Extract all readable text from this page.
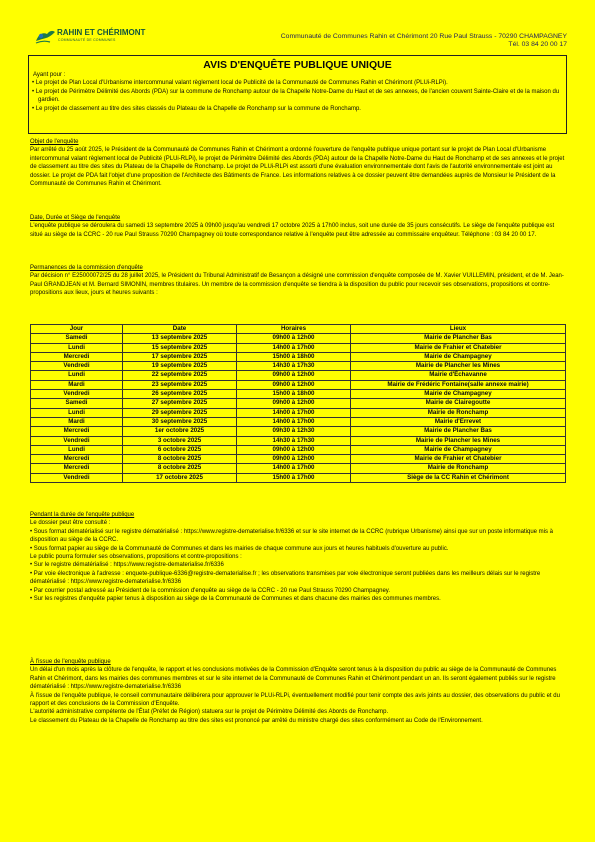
RAHIN ET CHÉRIMONT
COMMUNAUTÉ DE COMMUNES	Communauté de Communes Rahin et Chérimont 20 Rue Paul Strauss - 70290 CHAMPAGNEY
Tél. 03 84 20 00 17
AVIS D'ENQUÊTE PUBLIQUE UNIQUE
Ayant pour :
• Le projet de Plan Local d'Urbanisme intercommunal valant règlement local de Publicité de la Communauté de Communes Rahin et Chérimont (PLUi-RLPi).
• Le projet de Périmètre Délimité des Abords (PDA) sur la commune de Ronchamp autour de la Chapelle Notre-Dame du Haut et de ses annexes, de l'ancien couvent Sainte-Claire et de la maison du gardien.
• Le projet de classement au titre des sites classés du Plateau de la Chapelle de Ronchamp sur la commune de Ronchamp.
Objet de l'enquête

Par arrêté du 25 août 2025, le Président de la Communauté de Communes Rahin et Chérimont a ordonné l'ouverture de l'enquête publique unique portant sur le projet de Plan Local d'Urbanisme intercommunal valant règlement local de Publicité (PLUi-RLPi), le projet de Périmètre Délimité des Abords (PDA) autour de la Chapelle Notre-Dame du Haut de Ronchamp et de ses annexes et le projet de classement au titre des sites du Plateau de la Chapelle de Ronchamp. Le projet de PLUi-RLPi est assorti d'une évaluation environnementale dont l'avis de l'autorité environnementale est joint au dossier. Le projet de PDA fait l'objet d'une proposition de l'Architecte des Bâtiments de France. Les informations relatives à ce dossier peuvent être demandées auprès de Monsieur le Président de la Communauté de Communes Rahin et Chérimont.

Date, Durée et Siège de l'enquête

L'enquête publique se déroulera du samedi 13 septembre 2025 à 09h00 jusqu'au vendredi 17 octobre 2025 à 17h00 inclus, soit une durée de 35 jours consécutifs. Le siège de l'enquête publique est situé au siège de la CCRC - 20 rue Paul Strauss 70290 Champagney où toute correspondance relative à l'enquête peut être adressée au commissaire enquêteur. Téléphone : 03 84 20 00 17.

Permanences de la commission d'enquête

Par décision n° E25000072/25 du 28 juillet 2025, le Président du Tribunal Administratif de Besançon a désigné une commission d'enquête composée de M. Xavier VUILLEMIN, président, et de M. Jean-Paul GRANDJEAN et M. Bernard SIMONIN, membres titulaires. Un membre de la commission d'enquête se tiendra à la disposition du public pour recevoir ses observations, propositions et contre-propositions aux lieux, jours et heures suivants :

Jour	Date	Horaires	Lieux
Samedi	13 septembre 2025	09h00 à 12h00	Mairie de Plancher Bas
Lundi	15 septembre 2025	14h00 à 17h00	Mairie de Frahier et Chatebier
Mercredi	17 septembre 2025	15h00 à 18h00	Mairie de Champagney
Vendredi	19 septembre 2025	14h30 à 17h30	Mairie de Plancher les Mines
Lundi	22 septembre 2025	09h00 à 12h00	Mairie d'Échavanne
Mardi	23 septembre 2025	09h00 à 12h00	Mairie de Frédéric Fontaine(salle annexe mairie)
Vendredi	26 septembre 2025	15h00 à 18h00	Mairie de Champagney
Samedi	27 septembre 2025	09h00 à 12h00	Mairie de Clairegoutte
Lundi	29 septembre 2025	14h00 à 17h00	Mairie de Ronchamp
Mardi	30 septembre 2025	14h00 à 17h00	Mairie d'Errevet
Mercredi	1er octobre 2025	09h30 à 12h30	Mairie de Plancher Bas
Vendredi	3 octobre 2025	14h30 à 17h30	Mairie de Plancher les Mines
Lundi	6 octobre 2025	09h00 à 12h00	Mairie de Champagney
Mercredi	8 octobre 2025	09h00 à 12h00	Mairie de Frahier et Chatebier
Mercredi	8 octobre 2025	14h00 à 17h00	Mairie de Ronchamp
Vendredi	17 octobre 2025	15h00 à 17h00	Siège de la CC Rahin et Chérimont
Pendant la durée de l'enquête publique

Le dossier peut être consulté :

• Sous format dématérialisé sur le registre dématérialisé : https://www.registre-dematerialise.fr/6336 et sur le site internet de la CCRC (rubrique Urbanisme) ainsi que sur un poste informatique mis à disposition au siège de la CCRC.

• Sous format papier au siège de la Communauté de Communes et dans les mairies de chaque commune aux jours et heures habituels d'ouverture au public.

Le public pourra formuler ses observations, propositions et contre-propositions :

• Sur le registre dématérialisé : https://www.registre-dematerialise.fr/6336

• Par voie électronique à l'adresse : enquete-publique-6336@registre-dematerialise.fr ; les observations transmises par voie électronique seront publiées dans les meilleurs délais sur le registre dématérialisé : https://www.registre-dematerialise.fr/6336

• Par courrier postal adressé au Président de la commission d'enquête au siège de la CCRC - 20 rue Paul Strauss 70290 Champagney.

• Sur les registres d'enquête papier tenus à disposition au siège de la Communauté de Communes et dans chacune des mairies des communes membres.

À l'issue de l'enquête publique

Un délai d'un mois après la clôture de l'enquête, le rapport et les conclusions motivées de la Commission d'Enquête seront tenus à la disposition du public au siège de la Communauté de Communes Rahin et Chérimont, dans les mairies des communes membres et sur le site internet de la Communauté de Communes Rahin et Chérimont pendant un an. Ils seront également publiés sur le registre dématérialisé : https://www.registre-dematerialise.fr/6336

À l'issue de l'enquête publique, le conseil communautaire délibérera pour approuver le PLUi-RLPi, éventuellement modifié pour tenir compte des avis joints au dossier, des observations du public et du rapport et des conclusions de la Commission d'Enquête.

L'autorité administrative compétente de l'État (Préfet de Région) statuera sur le projet de Périmètre Délimité des Abords de Ronchamp.

Le classement du Plateau de la Chapelle de Ronchamp au titre des sites est prononcé par arrêté du ministre chargé des sites conformément au Code de l'Environnement.
